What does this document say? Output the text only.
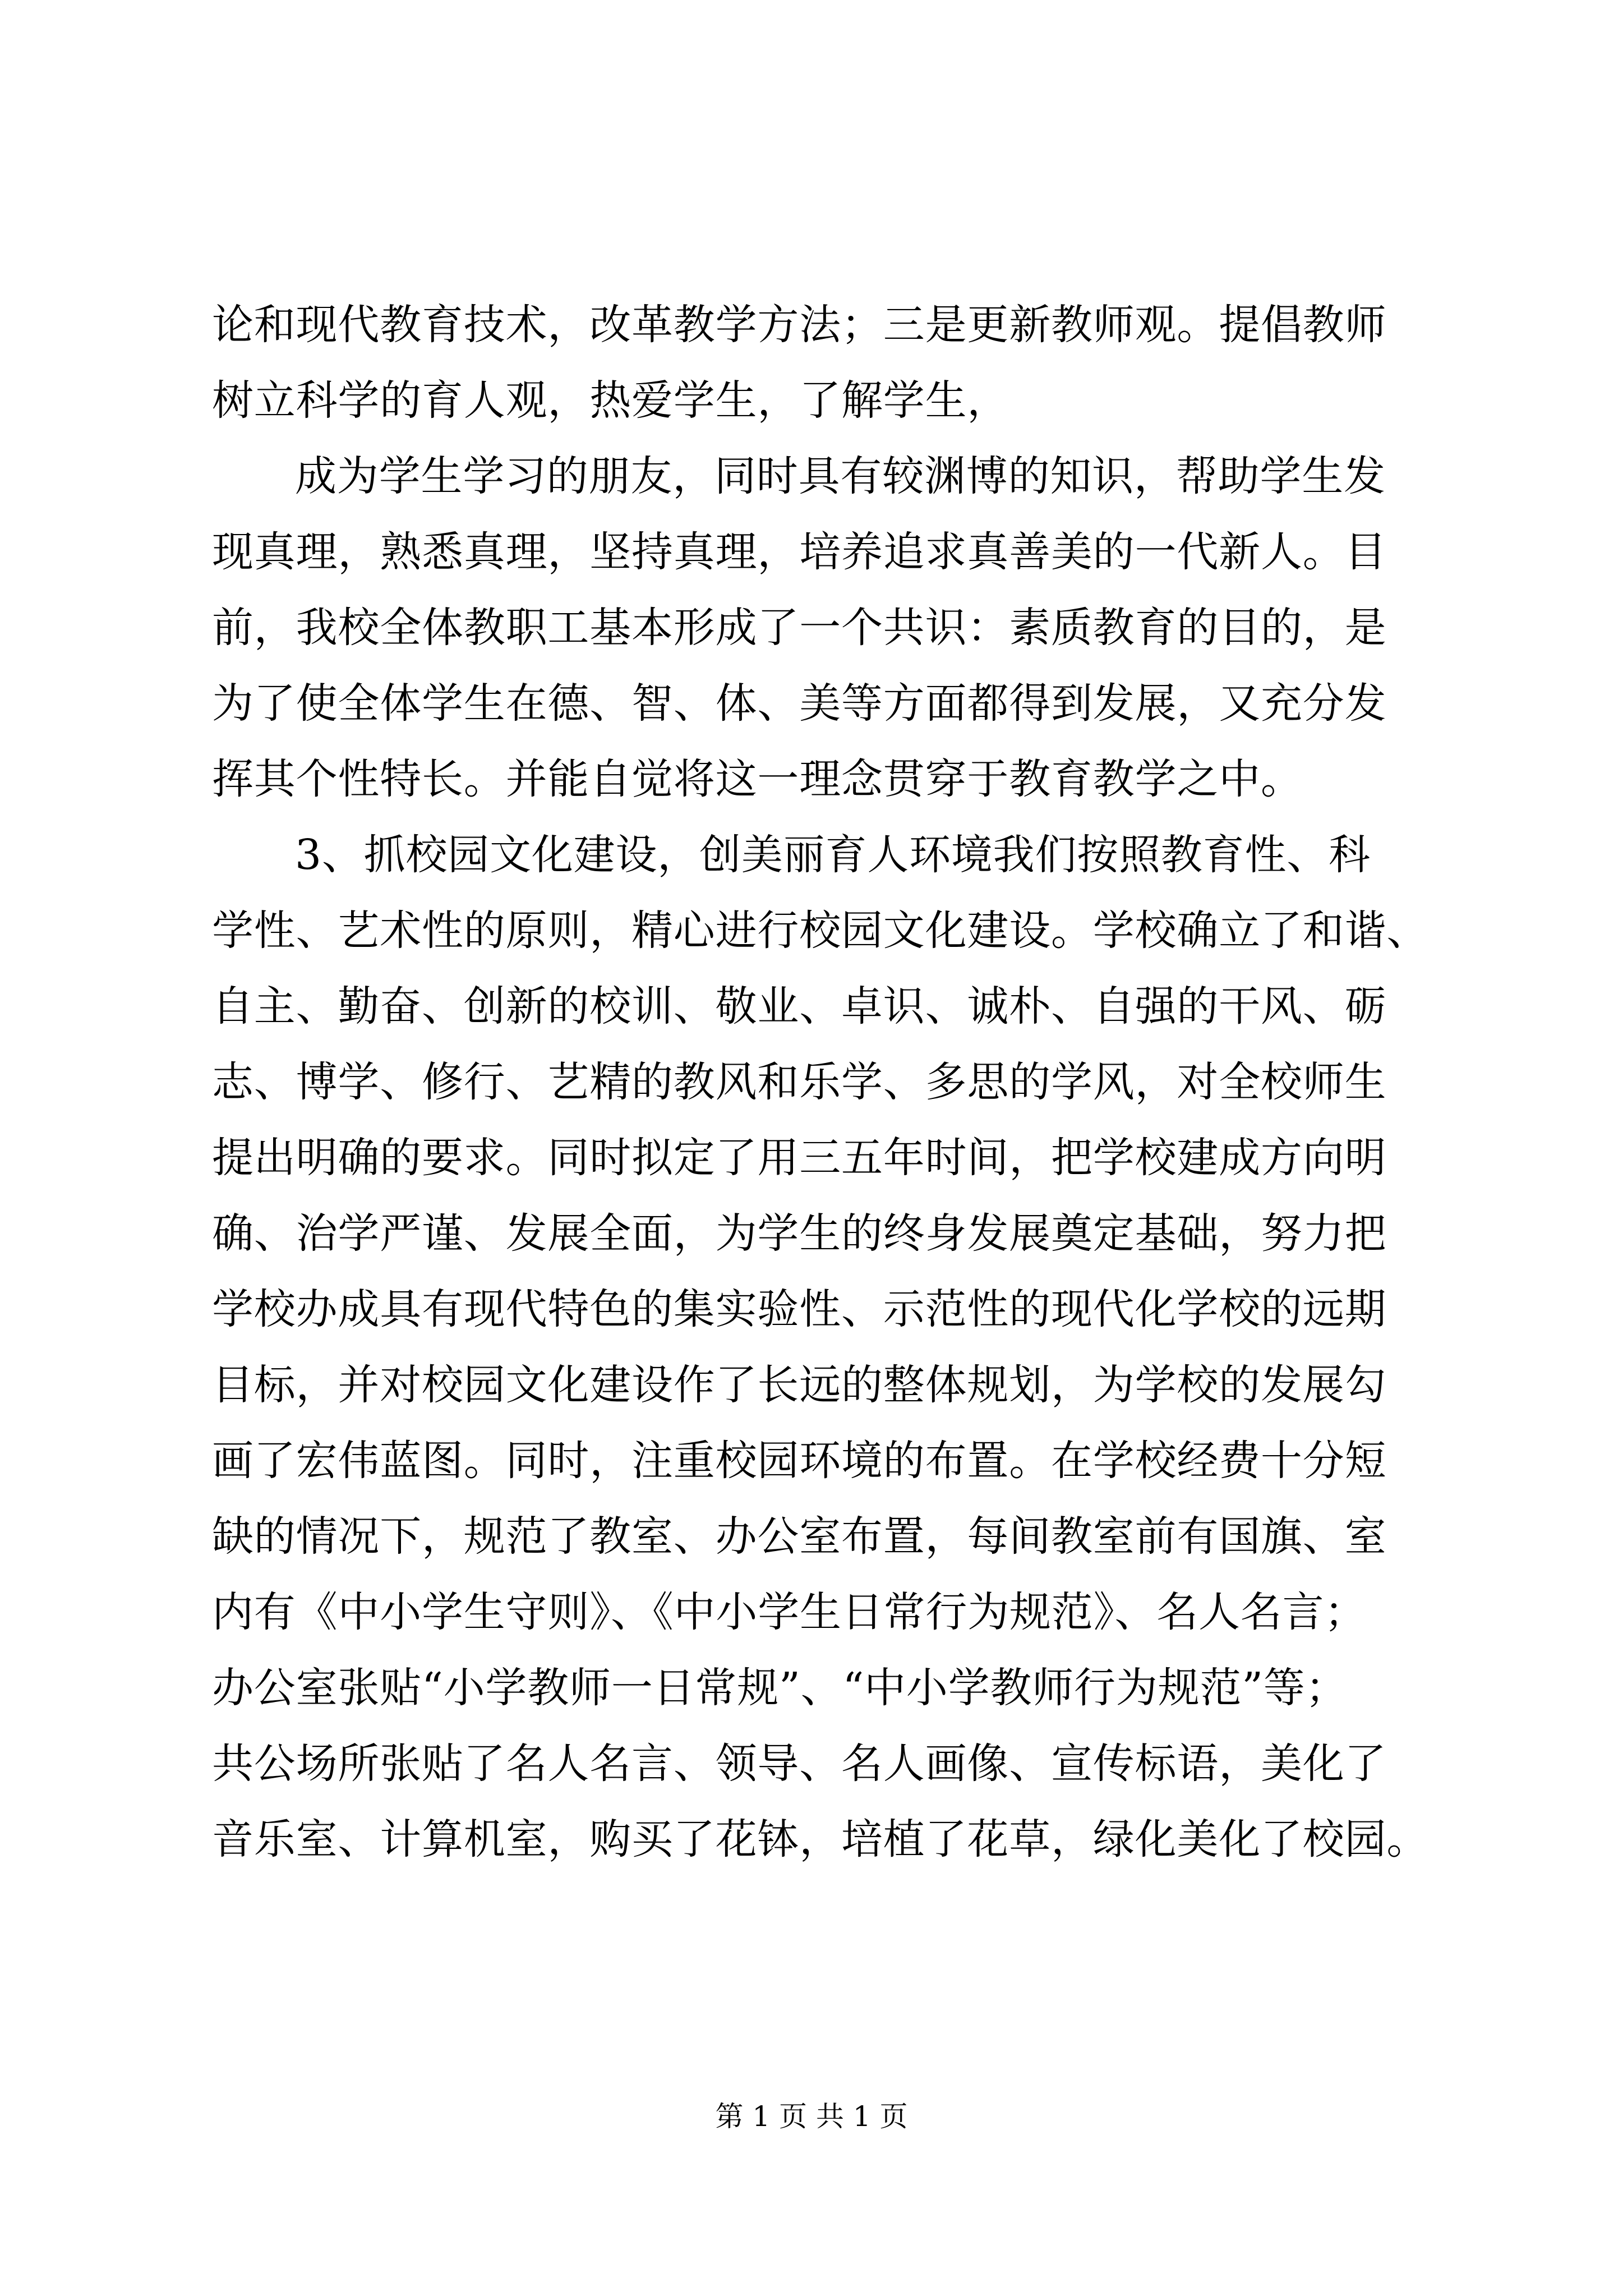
论和现代教育技术，改革教学方法；三是更新教师观。提倡教师
树立科学的育人观，热爱学生，了解学生，
成为学生学习的朋友，同时具有较渊博的知识，帮助学生发
现真理，熟悉真理，坚持真理，培养追求真善美的一代新人。目
前，我校全体教职工基本形成了一个共识：素质教育的目的，是
为了使全体学生在德、智、体、美等方面都得到发展，又充分发
挥其个性特长。并能自觉将这一理念贯穿于教育教学之中。
3、抓校园文化建设，创美丽育人环境我们按照教育性、科
学性、艺术性的原则，精心进行校园文化建设。学校确立了和谐、
自主、勤奋、创新的校训、敬业、卓识、诚朴、自强的干风、砺
志、博学、修行、艺精的教风和乐学、多思的学风，对全校师生
提出明确的要求。同时拟定了用三五年时间，把学校建成方向明
确、治学严谨、发展全面，为学生的终身发展奠定基础，努力把
学校办成具有现代特色的集实验性、示范性的现代化学校的远期
目标，并对校园文化建设作了长远的整体规划，为学校的发展勾
画了宏伟蓝图。同时，注重校园环境的布置。在学校经费十分短
缺的情况下，规范了教室、办公室布置，每间教室前有国旗、室
内有《中小学生守则》、《中小学生日常行为规范》、名人名言；
办公室张贴“小学教师一日常规”、“中小学教师行为规范”等；
共公场所张贴了名人名言、领导、名人画像、宣传标语，美化了
音乐室、计算机室，购买了花钵，培植了花草，绿化美化了校园。
第 1 页 共 1 页
